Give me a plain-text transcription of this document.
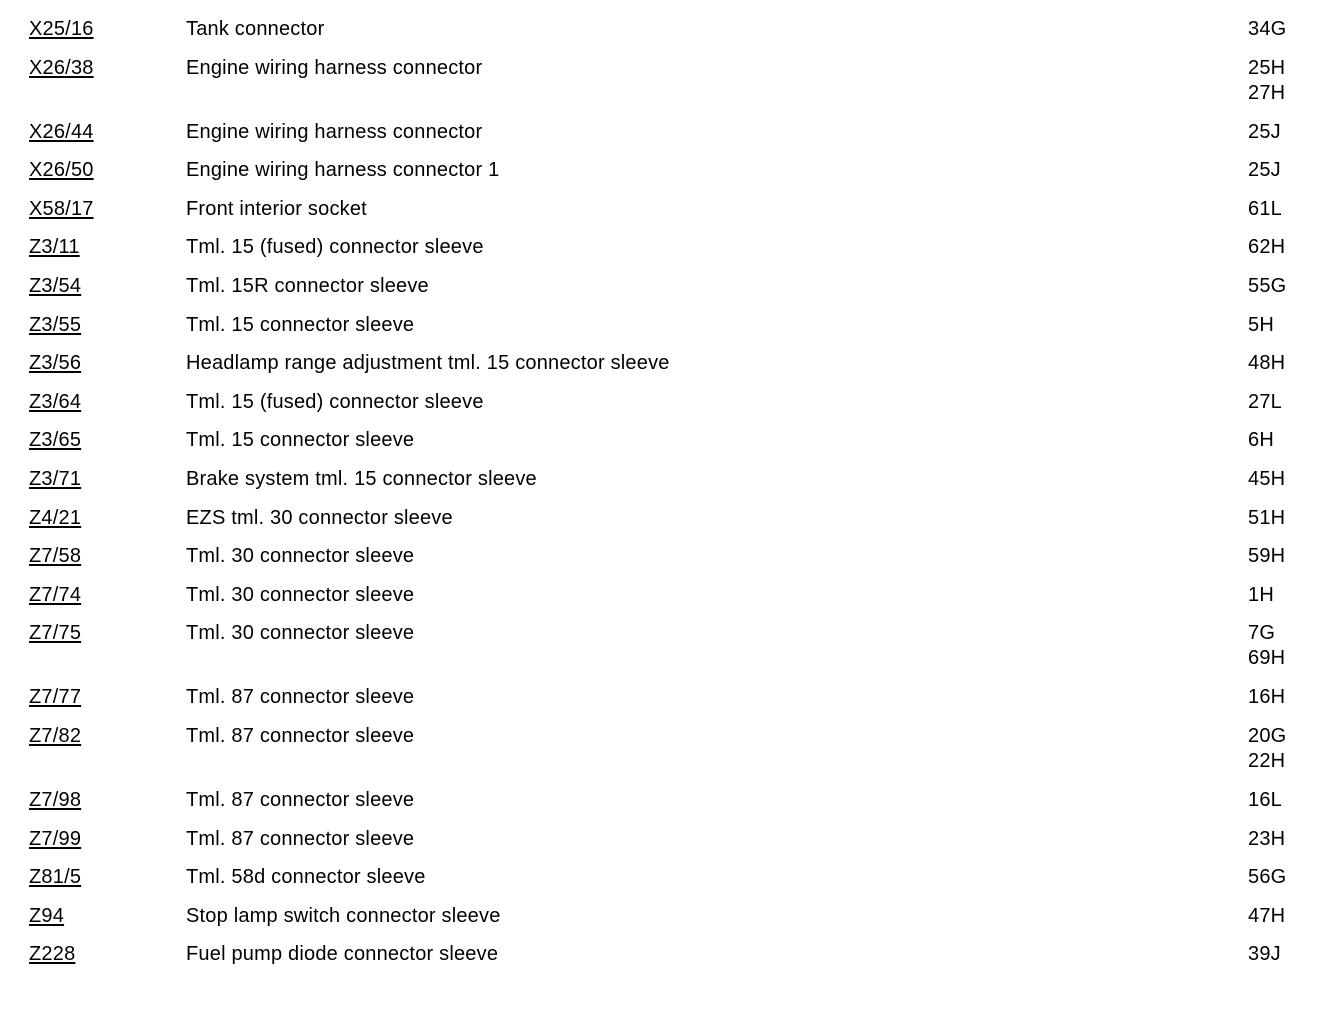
X25/16	Tank connector	34G
X26/38	Engine wiring harness connector	25H
27H
X26/44	Engine wiring harness connector	25J
X26/50	Engine wiring harness connector 1	25J
X58/17	Front interior socket	61L
Z3/11	Tml. 15 (fused) connector sleeve	62H
Z3/54	Tml. 15R connector sleeve	55G
Z3/55	Tml. 15 connector sleeve	5H
Z3/56	Headlamp range adjustment tml. 15 connector sleeve	48H
Z3/64	Tml. 15 (fused) connector sleeve	27L
Z3/65	Tml. 15 connector sleeve	6H
Z3/71	Brake system tml. 15 connector sleeve	45H
Z4/21	EZS tml. 30 connector sleeve	51H
Z7/58	Tml. 30 connector sleeve	59H
Z7/74	Tml. 30 connector sleeve	1H
Z7/75	Tml. 30 connector sleeve	7G
69H
Z7/77	Tml. 87 connector sleeve	16H
Z7/82	Tml. 87 connector sleeve	20G
22H
Z7/98	Tml. 87 connector sleeve	16L
Z7/99	Tml. 87 connector sleeve	23H
Z81/5	Tml. 58d connector sleeve	56G
Z94	Stop lamp switch connector sleeve	47H
Z228	Fuel pump diode connector sleeve	39J
